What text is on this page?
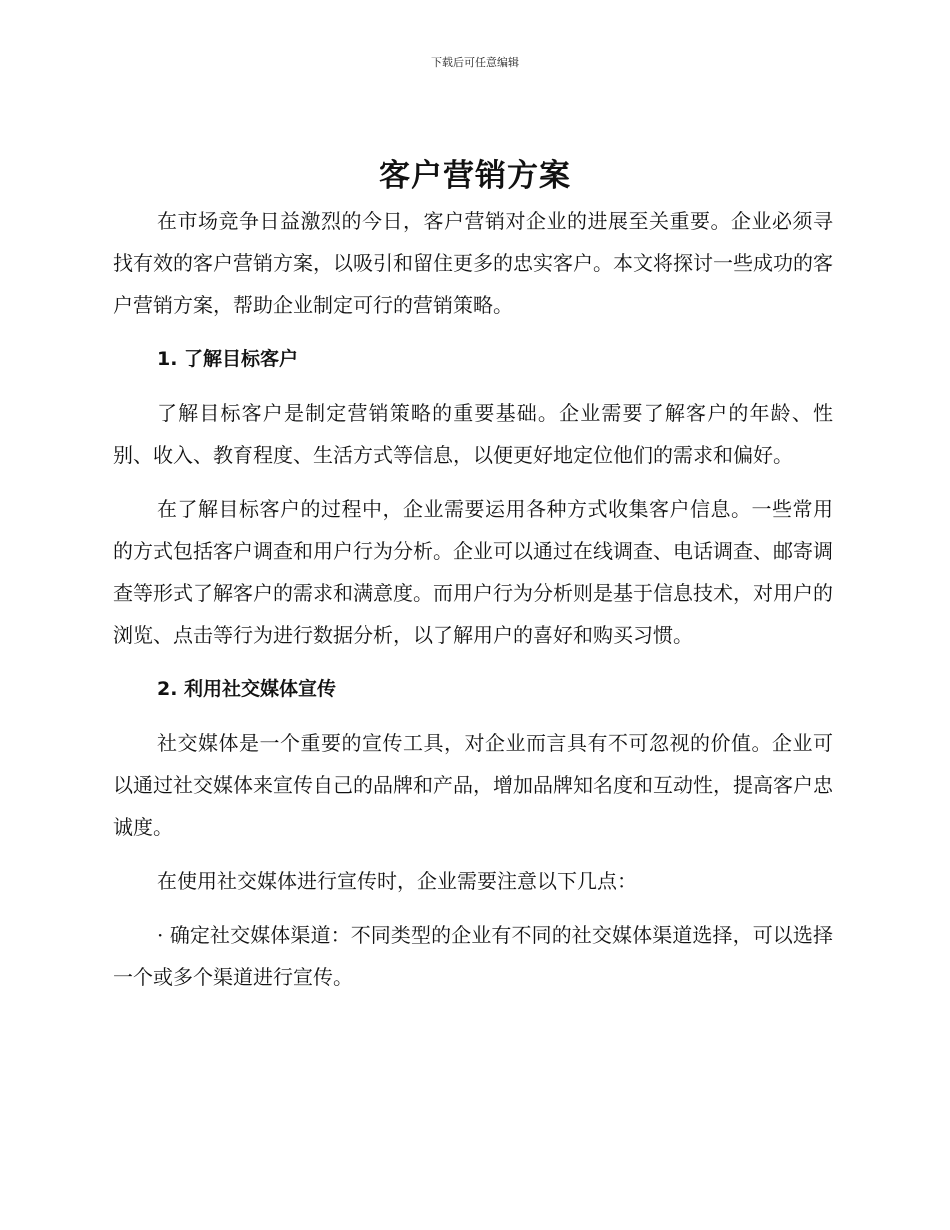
下载后可任意编辑
客户营销方案

在市场竞争日益激烈的今日，客户营销对企业的进展至关重要。企业必须寻找有效的客户营销方案，以吸引和留住更多的忠实客户。本文将探讨一些成功的客户营销方案，帮助企业制定可行的营销策略。

1. 了解目标客户

了解目标客户是制定营销策略的重要基础。企业需要了解客户的年龄、性别、收入、教育程度、生活方式等信息，以便更好地定位他们的需求和偏好。

在了解目标客户的过程中，企业需要运用各种方式收集客户信息。一些常用的方式包括客户调查和用户行为分析。企业可以通过在线调查、电话调查、邮寄调查等形式了解客户的需求和满意度。而用户行为分析则是基于信息技术，对用户的浏览、点击等行为进行数据分析，以了解用户的喜好和购买习惯。

2. 利用社交媒体宣传

社交媒体是一个重要的宣传工具，对企业而言具有不可忽视的价值。企业可以通过社交媒体来宣传自己的品牌和产品，增加品牌知名度和互动性，提高客户忠诚度。

在使用社交媒体进行宣传时，企业需要注意以下几点：

· 确定社交媒体渠道：不同类型的企业有不同的社交媒体渠道选择，可以选择一个或多个渠道进行宣传。
